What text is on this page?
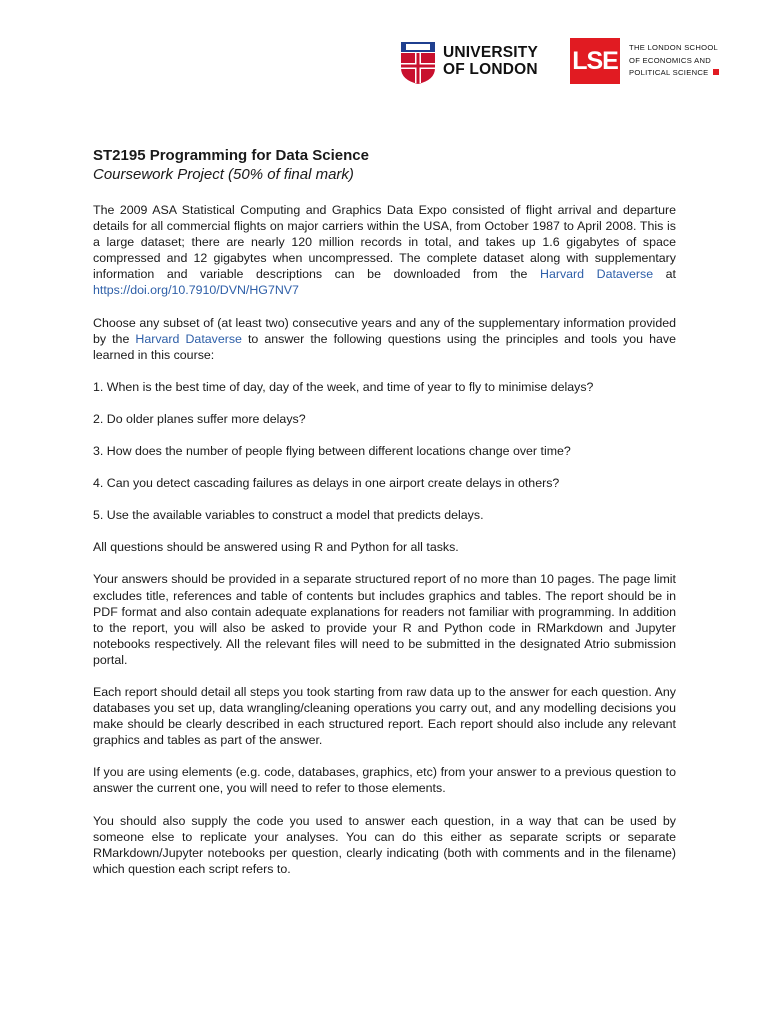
UNIVERSITY
OF LONDON LSE THE LONDON SCHOOL
OF ECONOMICS AND
POLITICAL SCIENCE

ST2195 Programming for Data Science

Coursework Project (50% of final mark)

The 2009 ASA Statistical Computing and Graphics Data Expo consisted of flight arrival and departure details for all commercial flights on major carriers within the USA, from October 1987 to April 2008. This is a large dataset; there are nearly 120 million records in total, and takes up 1.6 gigabytes of space compressed and 12 gigabytes when uncompressed. The complete dataset along with supplementary information and variable descriptions can be downloaded from the Harvard Dataverse at https://doi.org/10.7910/DVN/HG7NV7

Choose any subset of (at least two) consecutive years and any of the supplementary information provided by the Harvard Dataverse to answer the following questions using the principles and tools you have learned in this course:

1. When is the best time of day, day of the week, and time of year to fly to minimise delays?

2. Do older planes suffer more delays?

3. How does the number of people flying between different locations change over time?

4. Can you detect cascading failures as delays in one airport create delays in others?

5. Use the available variables to construct a model that predicts delays.

All questions should be answered using R and Python for all tasks.

Your answers should be provided in a separate structured report of no more than 10 pages. The page limit excludes title, references and table of contents but includes graphics and tables. The report should be in PDF format and also contain adequate explanations for readers not familiar with programming. In addition to the report, you will also be asked to provide your R and Python code in RMarkdown and Jupyter notebooks respectively. All the relevant files will need to be submitted in the designated Atrio submission portal.

Each report should detail all steps you took starting from raw data up to the answer for each question. Any databases you set up, data wrangling/cleaning operations you carry out, and any modelling decisions you make should be clearly described in each structured report. Each report should also include any relevant graphics and tables as part of the answer.

If you are using elements (e.g. code, databases, graphics, etc) from your answer to a previous question to answer the current one, you will need to refer to those elements.

You should also supply the code you used to answer each question, in a way that can be used by someone else to replicate your analyses. You can do this either as separate scripts or separate RMarkdown/Jupyter notebooks per question, clearly indicating (both with comments and in the filename) which question each script refers to.
